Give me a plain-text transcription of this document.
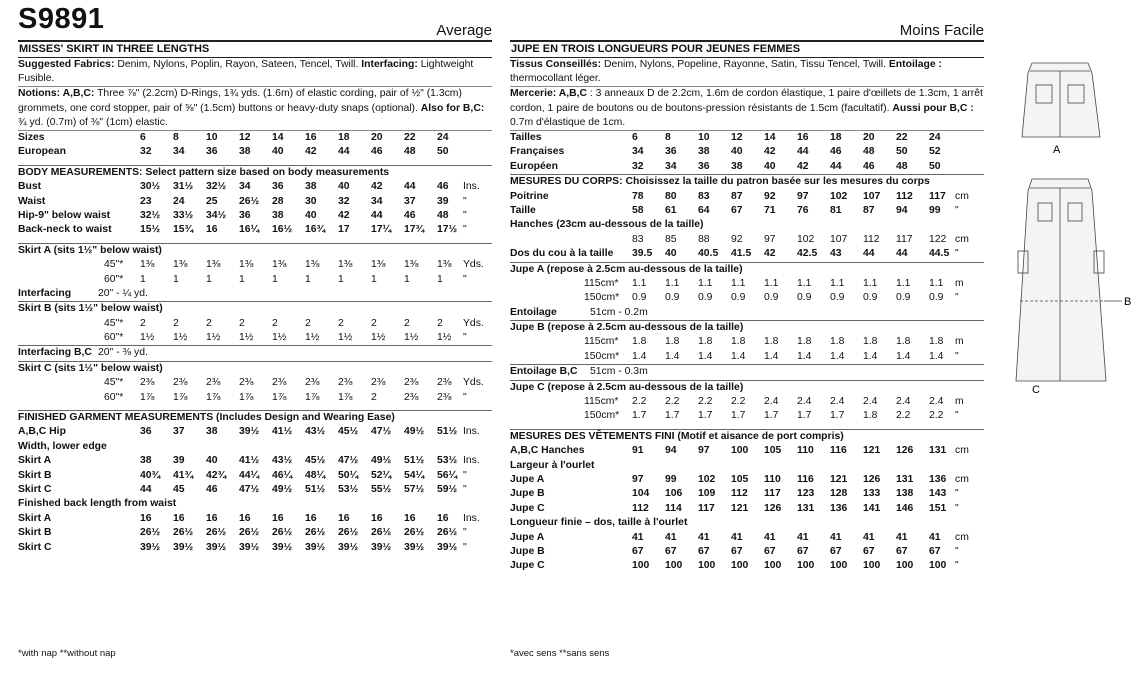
S9891	Average
MISSES' SKIRT IN THREE LENGTHS
Suggested Fabrics: Denim, Nylons, Poplin, Rayon, Sateen, Tencel, Twill. Interfacing: Lightweight Fusible.
Notions: A,B,C: Three ⅞" (2.2cm) D-Rings, 1¾ yds. (1.6m) of elastic cording, pair of ½" (1.3cm) grommets, one cord stopper, pair of ⅝" (1.5cm) buttons or heavy-duty snaps (optional). Also for B,C: ¾ yd. (0.7m) of ⅜" (1cm) elastic.
Sizes	6	8	10 12 14 16 18 20 22 24
European	32 34 36 38 40 42 44 46 48 50
BODY MEASUREMENTS: Select pattern size based on body measurements
Bust	30½ 31½ 32½ 34 36 38 40 42 44 46 Ins.
Waist	23 24 25 26½ 28 30 32 34 37 39 "
Hip-9" below waist	32½ 33½ 34½ 36 38 40 42 44 46 48 "
Back-neck to waist	15½ 15¾ 16 16¼ 16½ 16¾ 17 17¼ 17¾ 17½ "
Skirt A (sits 1½" below waist)
45"* 1⅜ 1⅜ 1⅜ 1⅜ 1⅜ 1⅜ 1⅜ 1⅜ 1⅜ 1⅜ Yds.
60"* 1	1	1	1	1	1	1	1	1	1 "
Interfacing	20" - ¼ yd.
Skirt B (sits 1½" below waist)
45"* 2	2	2	2	2	2	2	2	2	2 Yds.
60"* 1½ 1½ 1½ 1½ 1½ 1½ 1½ 1½ 1½ 1½ "
Interfacing B,C 20" - ⅜ yd.
Skirt C (sits 1½" below waist)
45"* 2⅜ 2⅜ 2⅜ 2⅜ 2⅜ 2⅜ 2⅜ 2⅜ 2⅜ 2⅜ Yds.
60"* 1⅞ 1⅞ 1⅞ 1⅞ 1⅞ 1⅞ 1⅞ 2	2⅜ 2⅜ "
FINISHED GARMENT MEASUREMENTS (Includes Design and Wearing Ease)
A,B,C Hip	36 37 38 39½ 41½ 43½ 45½ 47½ 49½ 51½ Ins.
Width, lower edge
Skirt A	38 39 40 41½ 43½ 45½ 47½ 49½ 51½ 53½ Ins.
Skirt B	40¾ 41¾ 42¾ 44¼ 46¼ 48¼ 50¼ 52¼ 54¼ 56¼ "
Skirt C	44 45 46 47½ 49½ 51½ 53½ 55½ 57½ 59½ "
Finished back length from waist
Skirt A	16 16 16 16 16 16 16 16 16 16 Ins.
Skirt B	26½ 26½ 26½ 26½ 26½ 26½ 26½ 26½ 26½ 26½ "
Skirt C	39½ 39½ 39½ 39½ 39½ 39½ 39½ 39½ 39½ 39½ "
Moins Facile
JUPE EN TROIS LONGUEURS POUR JEUNES FEMMES
Tissus Conseillés: Denim, Nylons, Popeline, Rayonne, Satin, Tissu Tencel, Twill. Entoilage : thermocollant léger.
Mercerie: A,B,C : 3 anneaux D de 2.2cm, 1.6m de cordon élastique, 1 paire d'œillets de 1.3cm, 1 arrêt cordon, 1 paire de boutons ou de boutons-pression résistants de 1.5cm (facultatif). Aussi pour B,C : 0.7m d'élastique de 1cm.
Tailles	6	8	10 12 14 16 18 20 22 24
Françaises	34 36 38 40 42 44 46 48 50 52
Européen	32 34 36 38 40 42 44 46 48 50
MESURES DU CORPS: Choisissez la taille du patron basée sur les mesures du corps
Poitrine	78 80 83 87 92 97 102 107 112 117 cm
Taille	58 61 64 67 71 76 81 87 94 99 "
Hanches (23cm au-dessous de la taille)
83 85 88 92 97 102 107 112 117 122 cm
Dos du cou à la taille 39.5 40 40.5 41.5 42 42.5 43 44 44 44.5 "
Jupe A (repose à 2.5cm au-dessous de la taille)
115cm* 1.1 1.1 1.1 1.1 1.1 1.1 1.1 1.1 1.1 1.1 m
150cm* 0.9 0.9 0.9 0.9 0.9 0.9 0.9 0.9 0.9 0.9 "
Entoilage	51cm - 0.2m
Jupe B (repose à 2.5cm au-dessous de la taille)
115cm* 1.8 1.8 1.8 1.8 1.8 1.8 1.8 1.8 1.8 1.8 m
150cm* 1.4 1.4 1.4 1.4 1.4 1.4 1.4 1.4 1.4 1.4 "
Entoilage B,C 51cm - 0.3m
Jupe C (repose à 2.5cm au-dessous de la taille)
115cm* 2.2 2.2 2.2 2.2 2.4 2.4 2.4 2.4 2.4 2.4 m
150cm* 1.7 1.7 1.7 1.7 1.7 1.7 1.7 1.8 2.2 2.2 "
MESURES DES VÊTEMENTS FINI (Motif et aisance de port compris)
A,B,C Hanches	91 94 97 100 105 110 116 121 126 131 cm
Largeur à l'ourlet
Jupe A	97 99 102 105 110 116 121 126 131 136 cm
Jupe B	104 106 109 112 117 123 128 133 138 143 "
Jupe C	112 114 117 121 126 131 136 141 146 151 "
Longueur finie – dos, taille à l'ourlet
Jupe A	41 41 41 41 41 41 41 41 41 41 cm
Jupe B	67 67 67 67 67 67 67 67 67 67 "
Jupe C	100 100 100 100 100 100 100 100 100 100 "
*with nap **without nap	*avec sens **sans sens
A
B
C
